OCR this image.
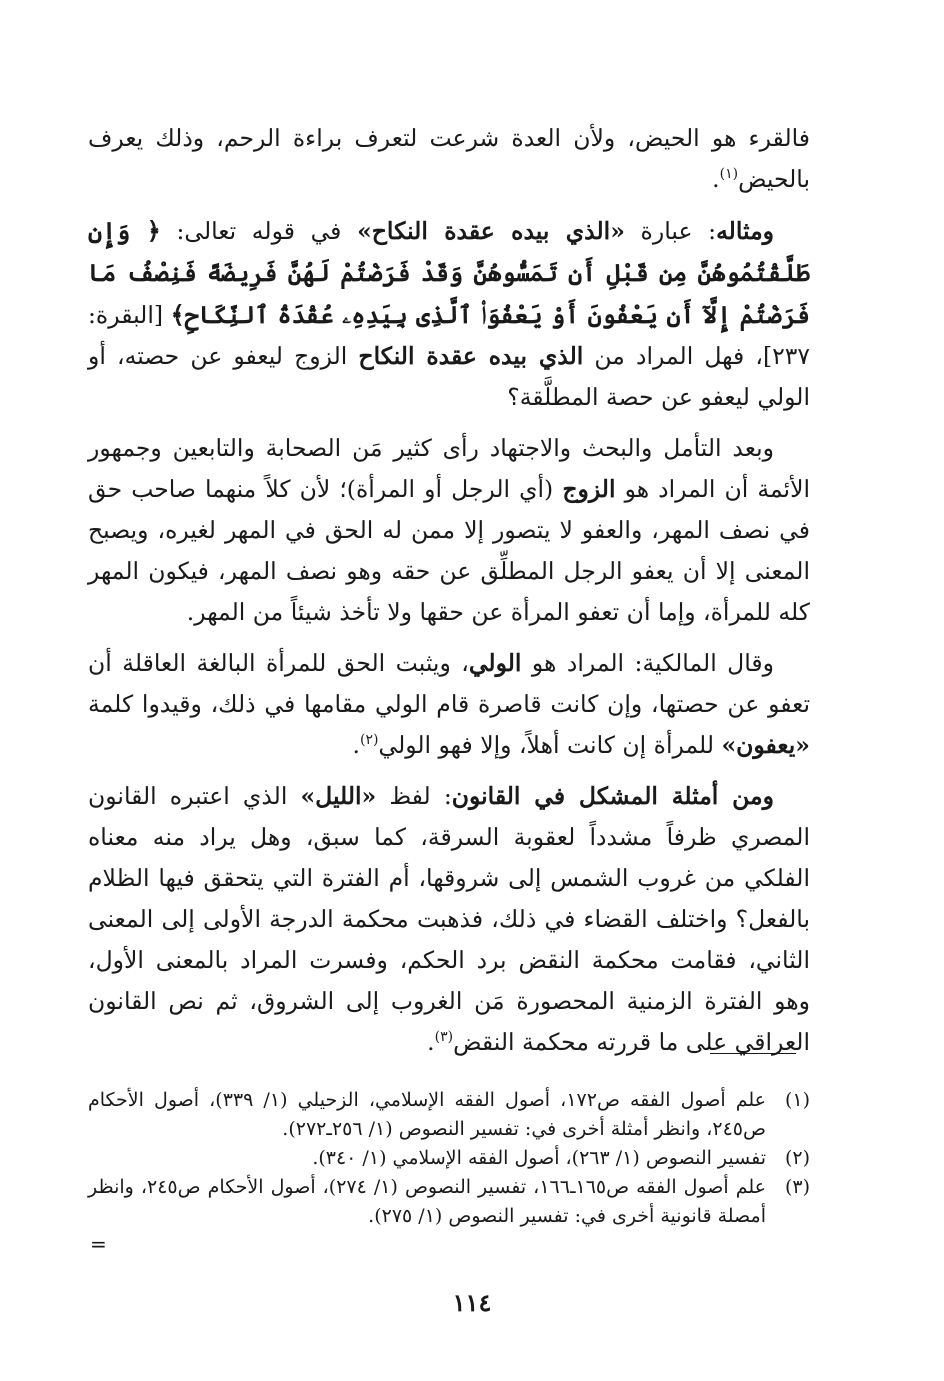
فالقرء هو الحيض، ولأن العدة شرعت لتعرف براءة الرحم، وذلك يعرف بالحيض$^{(١)}$.

ومثاله: عبارة «الذي بيده عقدة النكاح» في قوله تعالى: ﴿ وَإِن طَلَّقْتُمُوهُنَّ مِن قَبْلِ أَن تَمَسُّوهُنَّ وَقَدْ فَرَضْتُمْ لَهُنَّ فَرِيضَةً فَنِصْفُ مَا فَرَضْتُمْ إِلَّآ أَن يَعْفُونَ أَوْ يَعْفُوَا۟ ٱلَّذِى بِيَدِهِۦ عُقْدَةُ ٱلنِّكَاحِ﴾ [البقرة: ٢٣٧]، فهل المراد من الذي بيده عقدة النكاح الزوج ليعفو عن حصته، أو الولي ليعفو عن حصة المطلَّقة؟

وبعد التأمل والبحث والاجتهاد رأى كثير مَن الصحابة والتابعين وجمهور الأئمة أن المراد هو الزوج (أي الرجل أو المرأة)؛ لأن كلاً منهما صاحب حق في نصف المهر، والعفو لا يتصور إلا ممن له الحق في المهر لغيره، ويصبح المعنى إلا أن يعفو الرجل المطلِّق عن حقه وهو نصف المهر، فيكون المهر كله للمرأة، وإما أن تعفو المرأة عن حقها ولا تأخذ شيئاً من المهر.

وقال المالكية: المراد هو الولي، ويثبت الحق للمرأة البالغة العاقلة أن تعفو عن حصتها، وإن كانت قاصرة قام الولي مقامها في ذلك، وقيدوا كلمة «يعفون» للمرأة إن كانت أهلاً، وإلا فهو الولي$^{(٢)}$.

ومن أمثلة المشكل في القانون: لفظ «الليل» الذي اعتبره القانون المصري ظرفاً مشدداً لعقوبة السرقة، كما سبق، وهل يراد منه معناه الفلكي من غروب الشمس إلى شروقها، أم الفترة التي يتحقق فيها الظلام بالفعل؟ واختلف القضاء في ذلك، فذهبت محكمة الدرجة الأولى إلى المعنى الثاني، فقامت محكمة النقض برد الحكم، وفسرت المراد بالمعنى الأول، وهو الفترة الزمنية المحصورة مَن الغروب إلى الشروق، ثم نص القانون العراقي على ما قررته محكمة النقض$^{(٣)}$.

(١)
علم أصول الفقه ص١٧٢، أصول الفقه الإسلامي، الزحيلي (١/ ٣٣٩)، أصول الأحكام ص٢٤٥، وانظر أمثلة أخرى في: تفسير النصوص (١/ ٢٥٦ـ٢٧٢).
(٢)
تفسير النصوص (١/ ٢٦٣)، أصول الفقه الإسلامي (١/ ٣٤٠).
(٣)
علم أصول الفقه ص١٦٥ـ١٦٦، تفسير النصوص (١/ ٢٧٤)، أصول الأحكام ص٢٤٥، وانظر أمصلة قانونية أخرى في: تفسير النصوص (١/ ٢٧٥).
=
١١٤
